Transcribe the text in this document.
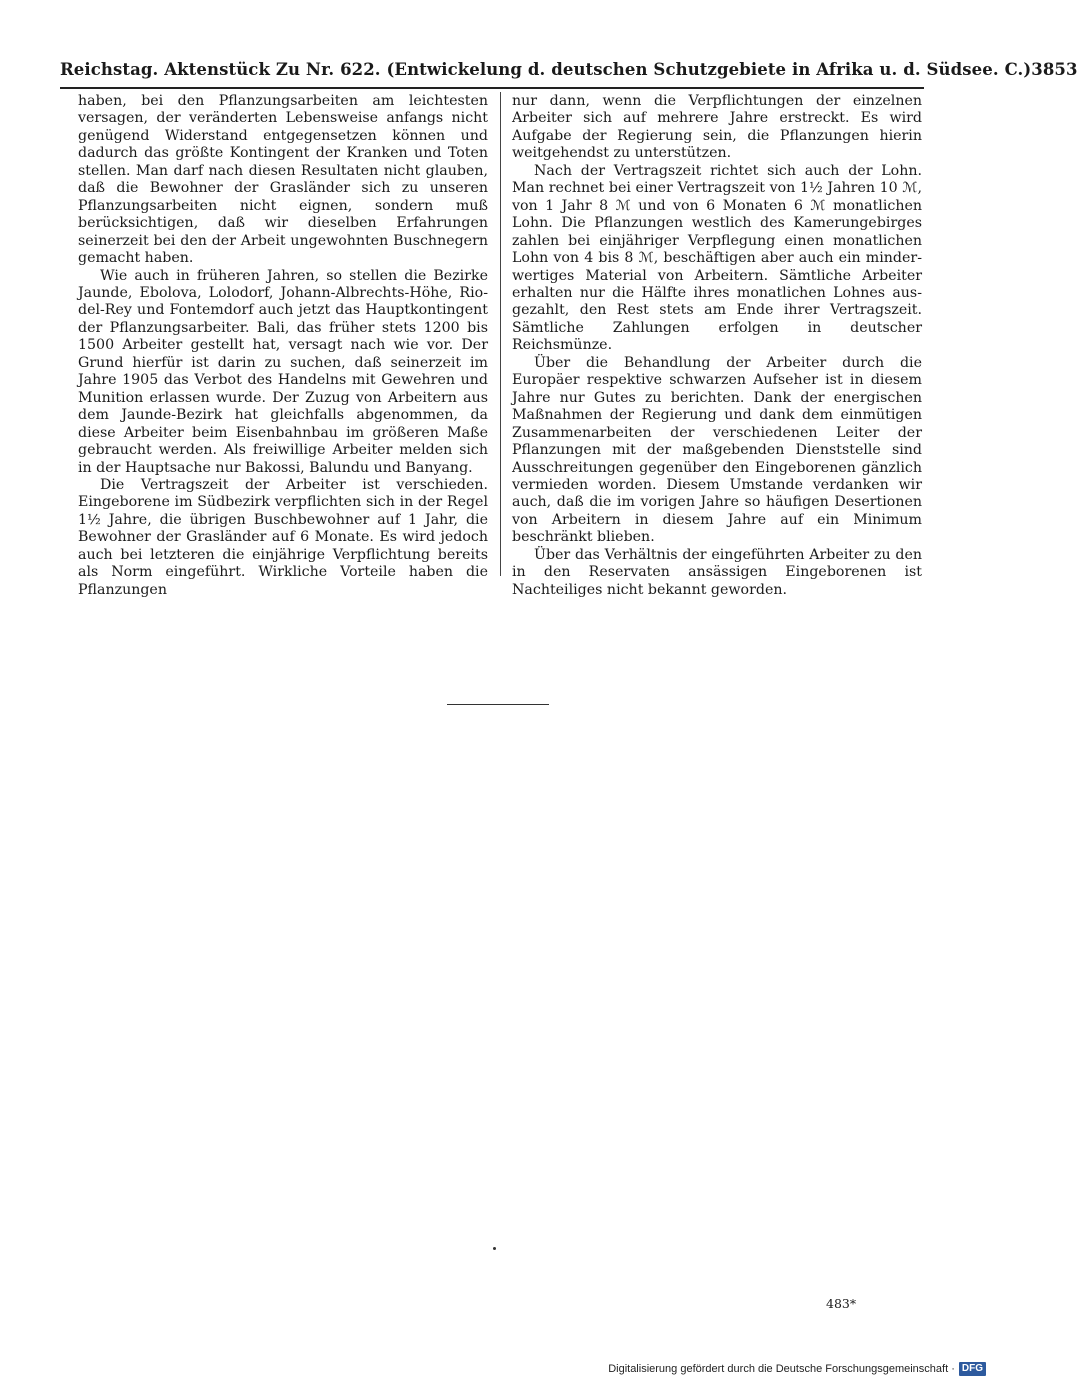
Reichstag. Aktenstück Zu Nr. 622. (Entwickelung d. deutschen Schutzgebiete in Afrika u. d. Südsee. C.) 3853

haben, bei den Pflanzungsarbeiten am leichtesten versagen, der veränderten Lebensweise anfangs nicht genügend Widerstand entgegensetzen können und dadurch das größte Kontingent der Kranken und Toten stellen. Man darf nach diesen Resultaten nicht glauben, daß die Bewohner der Grasländer sich zu unseren Pflanzungsarbeiten nicht eignen, sondern muß berücksichtigen, daß wir dieselben Erfahrungen seinerzeit bei den der Arbeit ungewohnten Buschnegern gemacht haben.

Wie auch in früheren Jahren, so stellen die Bezirke Jaunde, Ebolova, Lolodorf, Johann-Albrechts-Höhe, Rio-del-Rey und Fontemdorf auch jetzt das Hauptkontingent der Pflanzungsarbeiter. Bali, das früher stets 1200 bis 1500 Arbeiter gestellt hat, versagt nach wie vor. Der Grund hierfür ist darin zu suchen, daß seinerzeit im Jahre 1905 das Verbot des Handelns mit Gewehren und Munition erlassen wurde. Der Zuzug von Arbeitern aus dem Jaunde-Bezirk hat gleichfalls abgenommen, da diese Arbeiter beim Eisenbahnbau im größeren Maße gebraucht werden. Als freiwillige Arbeiter melden sich in der Hauptsache nur Bakossi, Balundu und Banyang.

Die Vertragszeit der Arbeiter ist verschieden. Eingeborene im Südbezirk verpflichten sich in der Regel 1½ Jahre, die übrigen Buschbewohner auf 1 Jahr, die Bewohner der Grasländer auf 6 Monate. Es wird jedoch auch bei letzteren die einjährige Verpflichtung bereits als Norm eingeführt. Wirkliche Vorteile haben die Pflanzungen

nur dann, wenn die Verpflichtungen der einzelnen Arbeiter sich auf mehrere Jahre erstreckt. Es wird Aufgabe der Regierung sein, die Pflanzungen hierin weitgehendst zu unterstützen.

Nach der Vertragszeit richtet sich auch der Lohn. Man rechnet bei einer Vertragszeit von 1½ Jahren 10 ℳ, von 1 Jahr 8 ℳ und von 6 Monaten 6 ℳ monatlichen Lohn. Die Pflanzungen westlich des Kamerungebirges zahlen bei einjähriger Verpflegung einen monatlichen Lohn von 4 bis 8 ℳ, beschäftigen aber auch ein minder-wertiges Material von Arbeitern. Sämtliche Arbeiter erhalten nur die Hälfte ihres monatlichen Lohnes aus-gezahlt, den Rest stets am Ende ihrer Vertragszeit. Sämtliche Zahlungen erfolgen in deutscher Reichsmünze.

Über die Behandlung der Arbeiter durch die Europäer respektive schwarzen Aufseher ist in diesem Jahre nur Gutes zu berichten. Dank der energischen Maßnahmen der Regierung und dank dem einmütigen Zusammenarbeiten der verschiedenen Leiter der Pflanzungen mit der maßgebenden Dienststelle sind Ausschreitungen gegenüber den Eingeborenen gänzlich vermieden worden. Diesem Umstande verdanken wir auch, daß die im vorigen Jahre so häufigen Desertionen von Arbeitern in diesem Jahre auf ein Minimum beschränkt blieben.

Über das Verhältnis der eingeführten Arbeiter zu den in den Reservaten ansässigen Eingeborenen ist Nachteiliges nicht bekannt geworden.

483*
Digitalisierung gefördert durch die Deutsche Forschungsgemeinschaft · DFG
